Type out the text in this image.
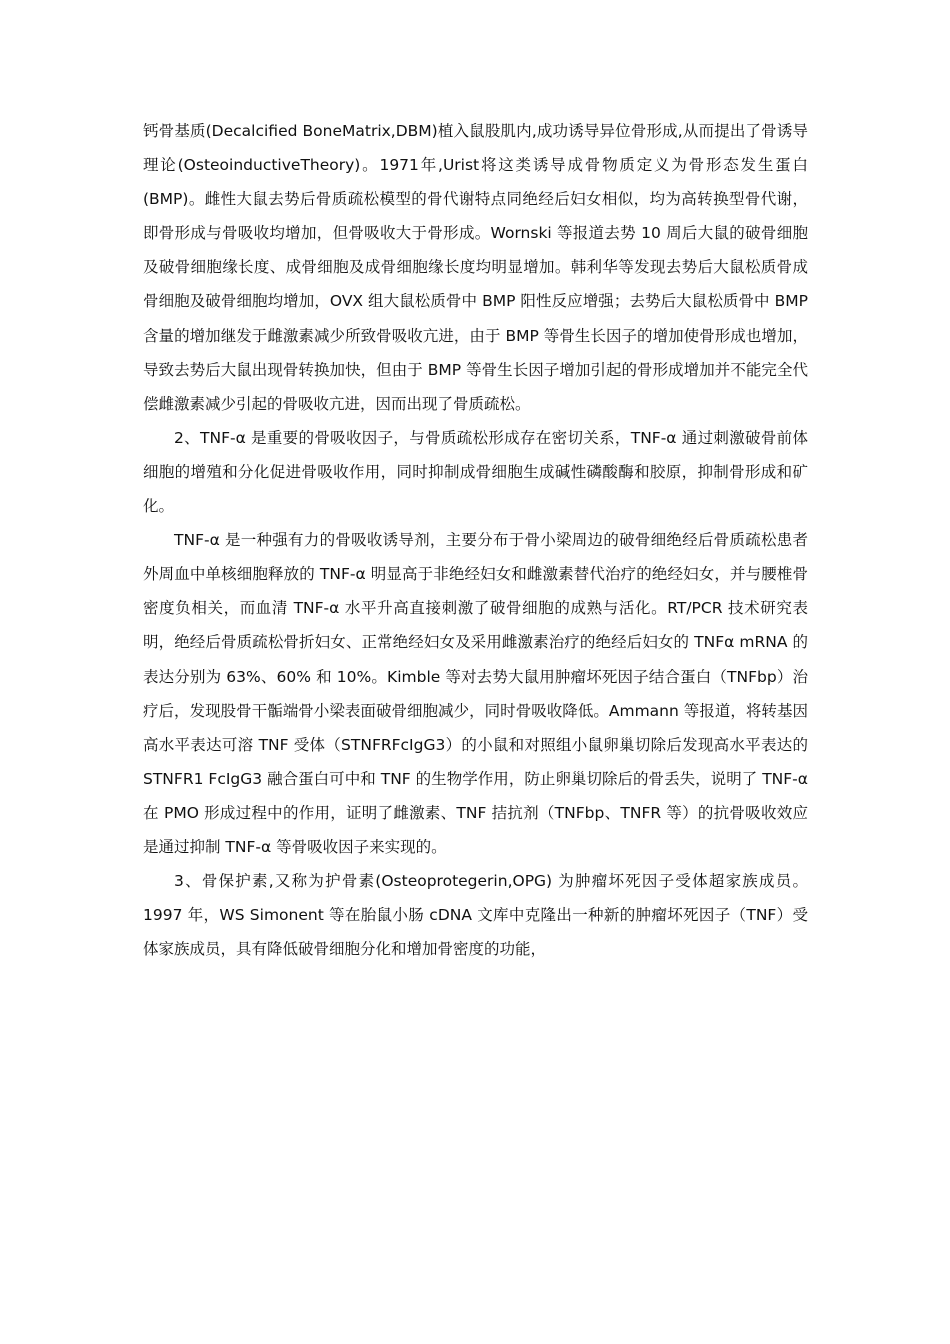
钙骨基质(Decalcified BoneMatrix,DBM)植入鼠股肌内,成功诱导异位骨形成,从而提出了骨诱导理论(OsteoinductiveTheory)。1971年,Urist将这类诱导成骨物质定义为骨形态发生蛋白(BMP)。雌性大鼠去势后骨质疏松模型的骨代谢特点同绝经后妇女相似，均为高转换型骨代谢，即骨形成与骨吸收均增加，但骨吸收大于骨形成。Wornski 等报道去势 10 周后大鼠的破骨细胞及破骨细胞缘长度、成骨细胞及成骨细胞缘长度均明显增加。韩利华等发现去势后大鼠松质骨成骨细胞及破骨细胞均增加，OVX 组大鼠松质骨中 BMP 阳性反应增强；去势后大鼠松质骨中 BMP 含量的增加继发于雌激素减少所致骨吸收亢进，由于 BMP 等骨生长因子的增加使骨形成也增加，导致去势后大鼠出现骨转换加快，但由于 BMP 等骨生长因子增加引起的骨形成增加并不能完全代偿雌激素减少引起的骨吸收亢进，因而出现了骨质疏松。

2、TNF-α 是重要的骨吸收因子，与骨质疏松形成存在密切关系，TNF-α 通过刺激破骨前体细胞的增殖和分化促进骨吸收作用，同时抑制成骨细胞生成碱性磷酸酶和胶原，抑制骨形成和矿化。

TNF-α 是一种强有力的骨吸收诱导剂，主要分布于骨小梁周边的破骨细绝经后骨质疏松患者外周血中单核细胞释放的 TNF-α 明显高于非绝经妇女和雌激素替代治疗的绝经妇女，并与腰椎骨密度负相关，而血清 TNF-α 水平升高直接刺激了破骨细胞的成熟与活化。RT/PCR 技术研究表明，绝经后骨质疏松骨折妇女、正常绝经妇女及采用雌激素治疗的绝经后妇女的 TNFα mRNA 的表达分别为 63%、60% 和 10%。Kimble 等对去势大鼠用肿瘤坏死因子结合蛋白（TNFbp）治疗后，发现股骨干骺端骨小梁表面破骨细胞减少，同时骨吸收降低。Ammann 等报道，将转基因高水平表达可溶 TNF 受体（STNFRFcIgG3）的小鼠和对照组小鼠卵巢切除后发现高水平表达的 STNFR1 FcIgG3 融合蛋白可中和 TNF 的生物学作用，防止卵巢切除后的骨丢失，说明了 TNF-α 在 PMO 形成过程中的作用，证明了雌激素、TNF 拮抗剂（TNFbp、TNFR 等）的抗骨吸收效应是通过抑制 TNF-α 等骨吸收因子来实现的。

3、骨保护素,又称为护骨素(Osteoprotegerin,OPG) 为肿瘤坏死因子受体超家族成员。1997 年，WS Simonent 等在胎鼠小肠 cDNA 文库中克隆出一种新的肿瘤坏死因子（TNF）受体家族成员，具有降低破骨细胞分化和增加骨密度的功能，
